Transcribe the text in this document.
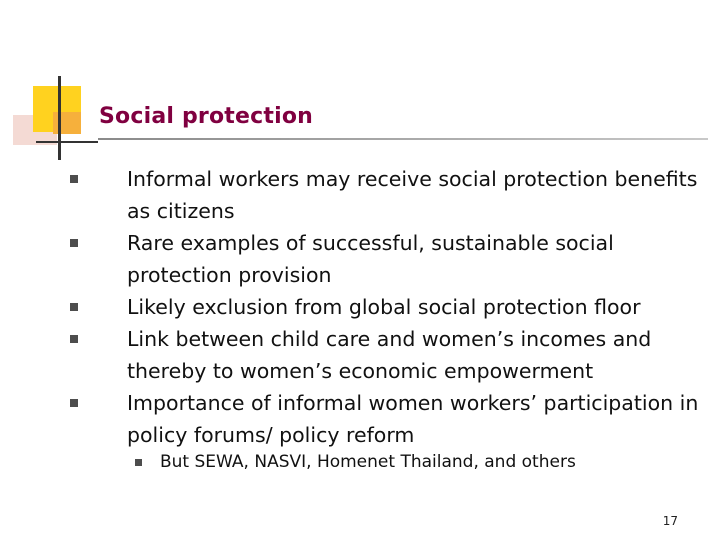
Social protection
Informal workers may receive social protection benefits as citizens
Rare examples of successful, sustainable social protection provision
Likely exclusion from global social protection floor
Link between child care and women’s incomes and thereby to women’s economic empowerment
Importance of informal women workers’ participation in policy forums/ policy reform
But SEWA, NASVI, Homenet Thailand, and others
17
